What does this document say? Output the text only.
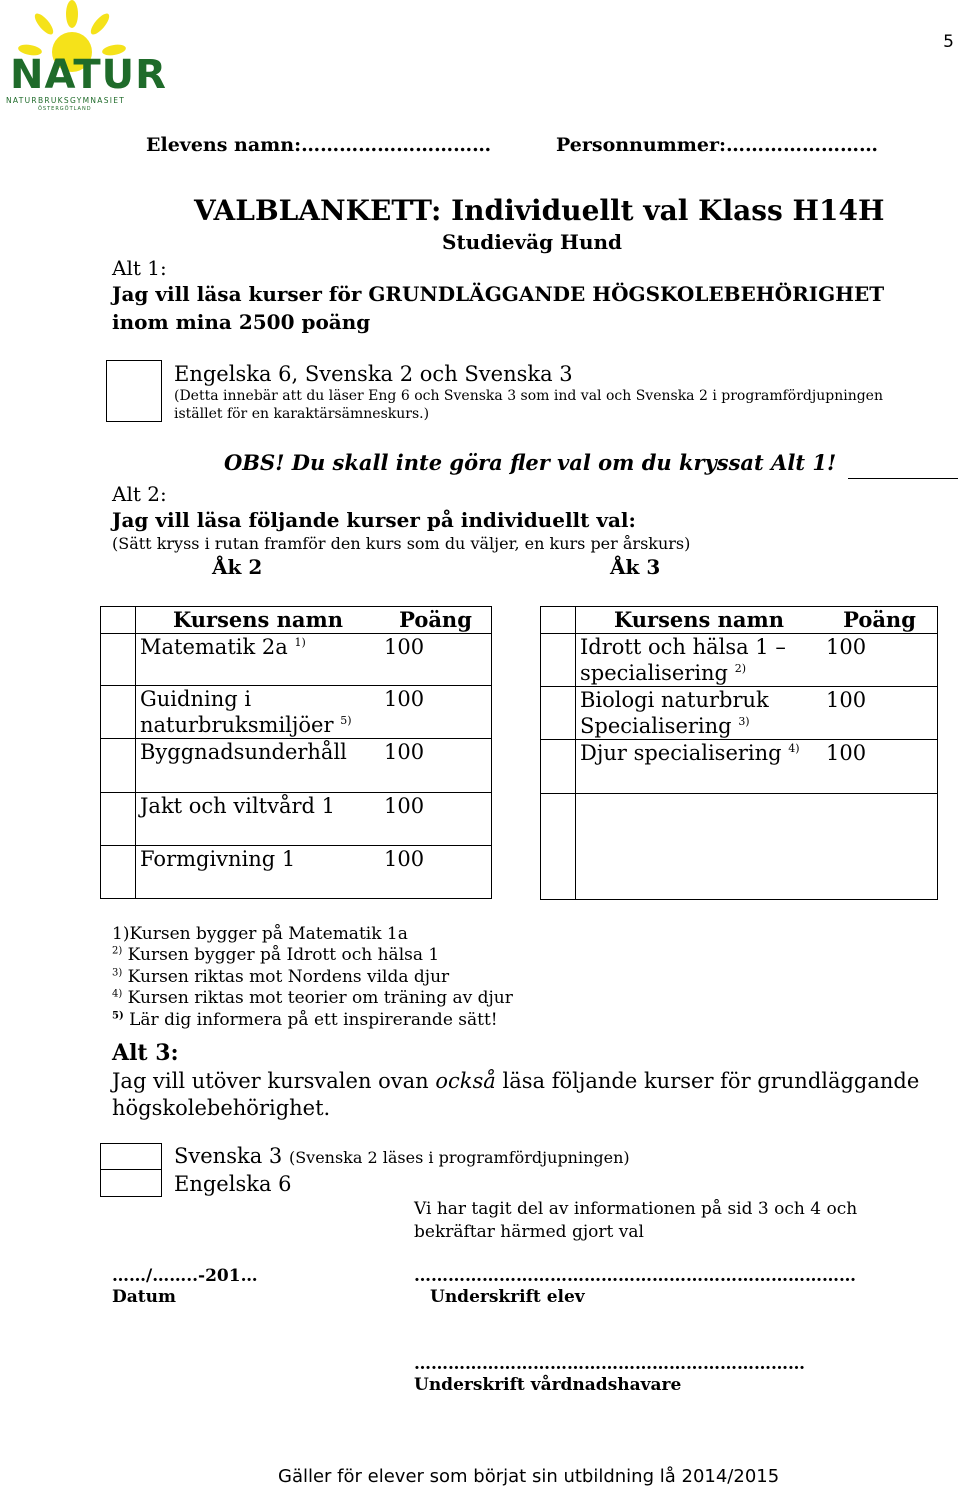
5
NATUR
NATURBRUKSGYMNASIET
ÖSTERGÖTLAND
Elevens namn:…………………………	Personnummer:……………………
VALBLANKETT: Individuellt val Klass H14H
Studieväg Hund
Alt 1:
Jag vill läsa kurser för GRUNDLÄGGANDE HÖGSKOLEBEHÖRIGHET
inom mina 2500 poäng
Engelska 6, Svenska 2 och Svenska 3
(Detta innebär att du läser Eng 6 och Svenska 3 som ind val och Svenska 2 i programfördjupningen
istället för en karaktärsämneskurs.)
OBS! Du skall inte göra fler val om du kryssat Alt 1!
Alt 2:
Jag vill läsa följande kurser på individuellt val:
(Sätt kryss i rutan framför den kurs som du väljer, en kurs per årskurs)
Åk 2	Åk 3
	Kursens namn	Poäng
	Matematik 2a $^{1)}$	100
	Guidning i naturbruksmiljöer $^{5)}$	100
	Byggnadsunderhåll	100
	Jakt och viltvård 1	100
	Formgivning 1	100
	Kursens namn	Poäng
	Idrott och hälsa 1 – specialisering $^{2)}$	100
	Biologi naturbruk Specialisering $^{3)}$	100
	Djur specialisering $^{4)}$	100

1)Kursen bygger på Matematik 1a
$^{2)}$ Kursen bygger på Idrott och hälsa 1
$^{3)}$ Kursen riktas mot Nordens vilda djur
$^{4)}$ Kursen riktas mot teorier om träning av djur
$^{5)}$ Lär dig informera på ett inspirerande sätt!
Alt 3:
Jag vill utöver kursvalen ovan också läsa följande kurser för grundläggande
högskolebehörighet.
Svenska 3 (Svenska 2 läses i programfördjupningen)
Engelska 6
Vi har tagit del av informationen på sid 3 och 4 och
bekräftar härmed gjort val
……/……..-201…
Datum
……………………………………………………………………
Underskrift elev
……………………………………………………………
Underskrift vårdnadshavare
Gäller för elever som börjat sin utbildning lå 2014/2015
